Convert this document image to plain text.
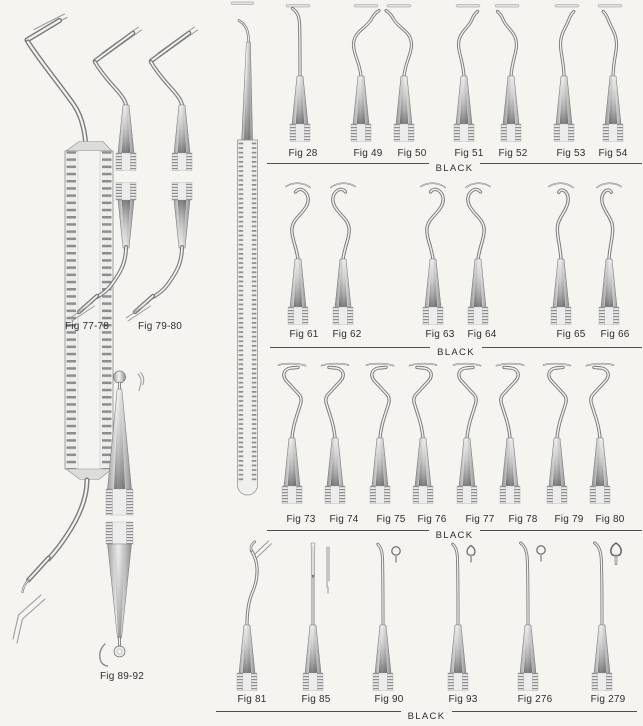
Fig 77-78	Fig 79-80
Fig 89-92
Fig 28	Fig 49 Fig 50	Fig 51 Fig 52	Fig 53 Fig 54
$^{BLACK}$
Fig 61 Fig 62	Fig 63 Fig 64	Fig 65 Fig 66
$^{BLACK}$
Fig 73 Fig 74 Fig 75 Fig 76 Fig 77 Fig 78 Fig 79 Fig 80
$^{BLACK}$
Fig 81	Fig 85	Fig 90	Fig 93	Fig 276	Fig 279
$^{BLACK}$
